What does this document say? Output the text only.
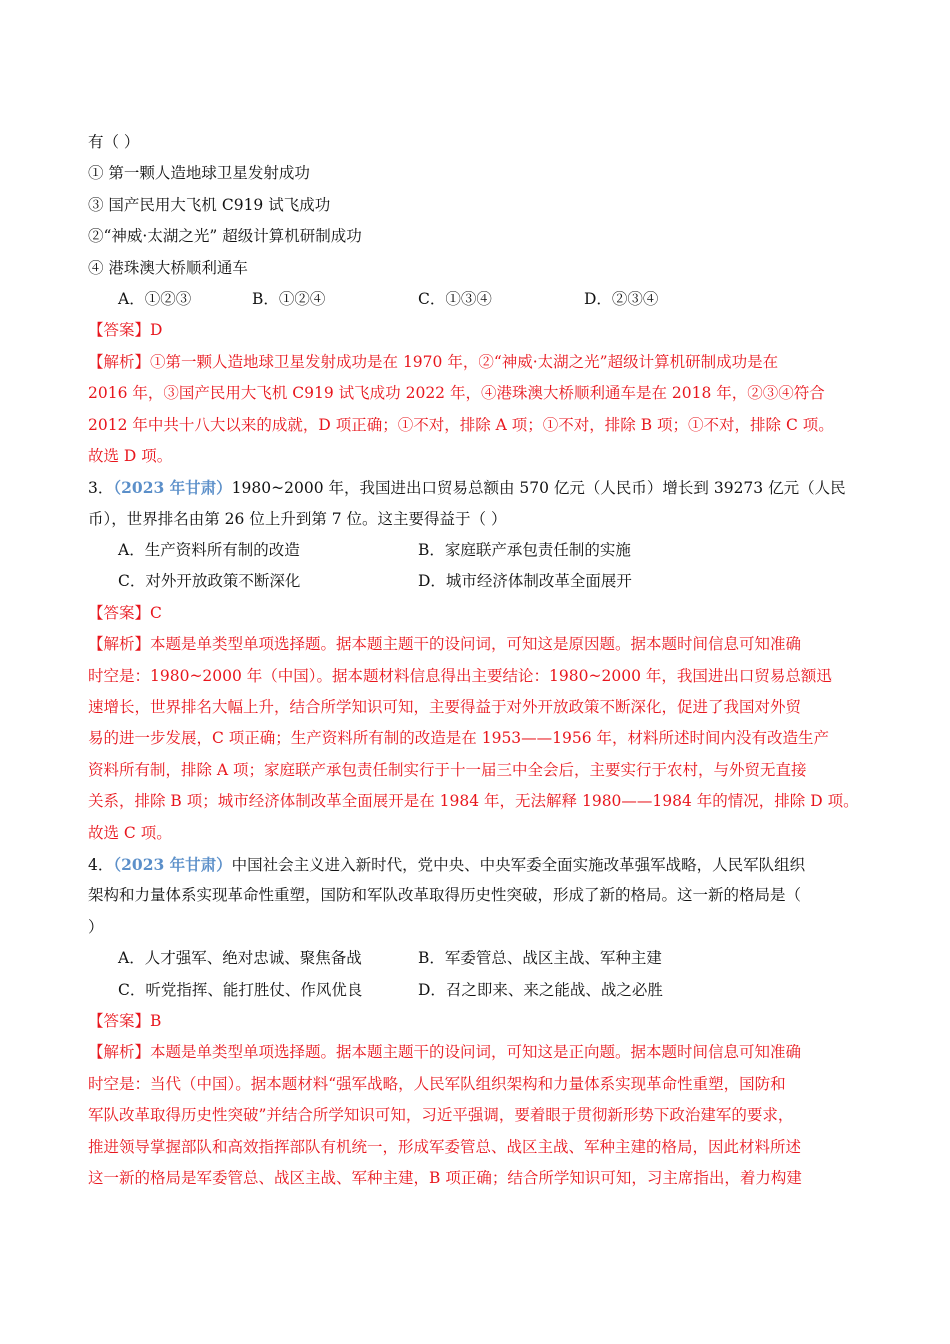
有（ ）
① 第一颗人造地球卫星发射成功
③ 国产民用大飞机 C919 试飞成功
②“神威·太湖之光” 超级计算机研制成功
④ 港珠澳大桥顺利通车
A．①②③	B．①②④	C．①③④	D．②③④
【答案】D
【解析】①第一颗人造地球卫星发射成功是在 1970 年，②“神威·太湖之光”超级计算机研制成功是在
2016 年，③国产民用大飞机 C919 试飞成功 2022 年，④港珠澳大桥顺利通车是在 2018 年，②③④符合
2012 年中共十八大以来的成就，D 项正确；①不对，排除 A 项；①不对，排除 B 项；①不对，排除 C 项。
故选 D 项。
3．（2023 年甘肃）1980~2000 年，我国进出口贸易总额由 570 亿元（人民币）增长到 39273 亿元（人民
币），世界排名由第 26 位上升到第 7 位。这主要得益于（ ）
A．生产资料所有制的改造	B．家庭联产承包责任制的实施
C．对外开放政策不断深化	D．城市经济体制改革全面展开
【答案】C
【解析】本题是单类型单项选择题。据本题主题干的设问词，可知这是原因题。据本题时间信息可知准确
时空是：1980~2000 年（中国）。据本题材料信息得出主要结论：1980~2000 年，我国进出口贸易总额迅
速增长，世界排名大幅上升，结合所学知识可知，主要得益于对外开放政策不断深化，促进了我国对外贸
易的进一步发展，C 项正确；生产资料所有制的改造是在 1953——1956 年，材料所述时间内没有改造生产
资料所有制，排除 A 项；家庭联产承包责任制实行于十一届三中全会后，主要实行于农村，与外贸无直接
关系，排除 B 项；城市经济体制改革全面展开是在 1984 年，无法解释 1980——1984 年的情况，排除 D 项。
故选 C 项。
4．（2023 年甘肃）中国社会主义进入新时代，党中央、中央军委全面实施改革强军战略，人民军队组织
架构和力量体系实现革命性重塑，国防和军队改革取得历史性突破，形成了新的格局。这一新的格局是（
）
A．人才强军、绝对忠诚、聚焦备战	B．军委管总、战区主战、军种主建
C．听党指挥、能打胜仗、作风优良	D．召之即来、来之能战、战之必胜
【答案】B
【解析】本题是单类型单项选择题。据本题主题干的设问词，可知这是正向题。据本题时间信息可知准确
时空是：当代（中国）。据本题材料“强军战略，人民军队组织架构和力量体系实现革命性重塑，国防和
军队改革取得历史性突破”并结合所学知识可知，习近平强调，要着眼于贯彻新形势下政治建军的要求，
推进领导掌握部队和高效指挥部队有机统一，形成军委管总、战区主战、军种主建的格局，因此材料所述
这一新的格局是军委管总、战区主战、军种主建，B 项正确；结合所学知识可知，习主席指出，着力构建
